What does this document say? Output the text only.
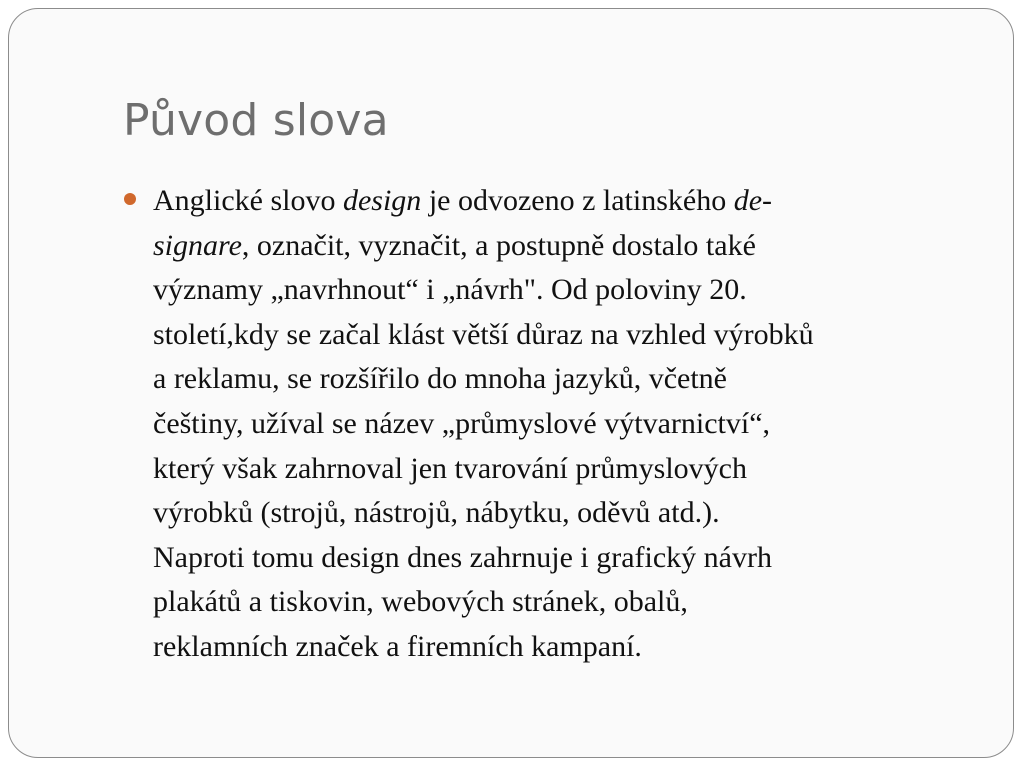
Původ slova
Anglické slovo design je odvozeno z latinského de-
signare, označit, vyznačit, a postupně dostalo také
významy „navrhnout“ i „návrh". Od poloviny 20.
století,kdy se začal klást větší důraz na vzhled výrobků
a reklamu, se rozšířilo do mnoha jazyků, včetně
češtiny, užíval se název „průmyslové výtvarnictví“,
který však zahrnoval jen tvarování průmyslových
výrobků (strojů, nástrojů, nábytku, oděvů atd.).
Naproti tomu design dnes zahrnuje i grafický návrh
plakátů a tiskovin, webových stránek, obalů,
reklamních značek a firemních kampaní.
